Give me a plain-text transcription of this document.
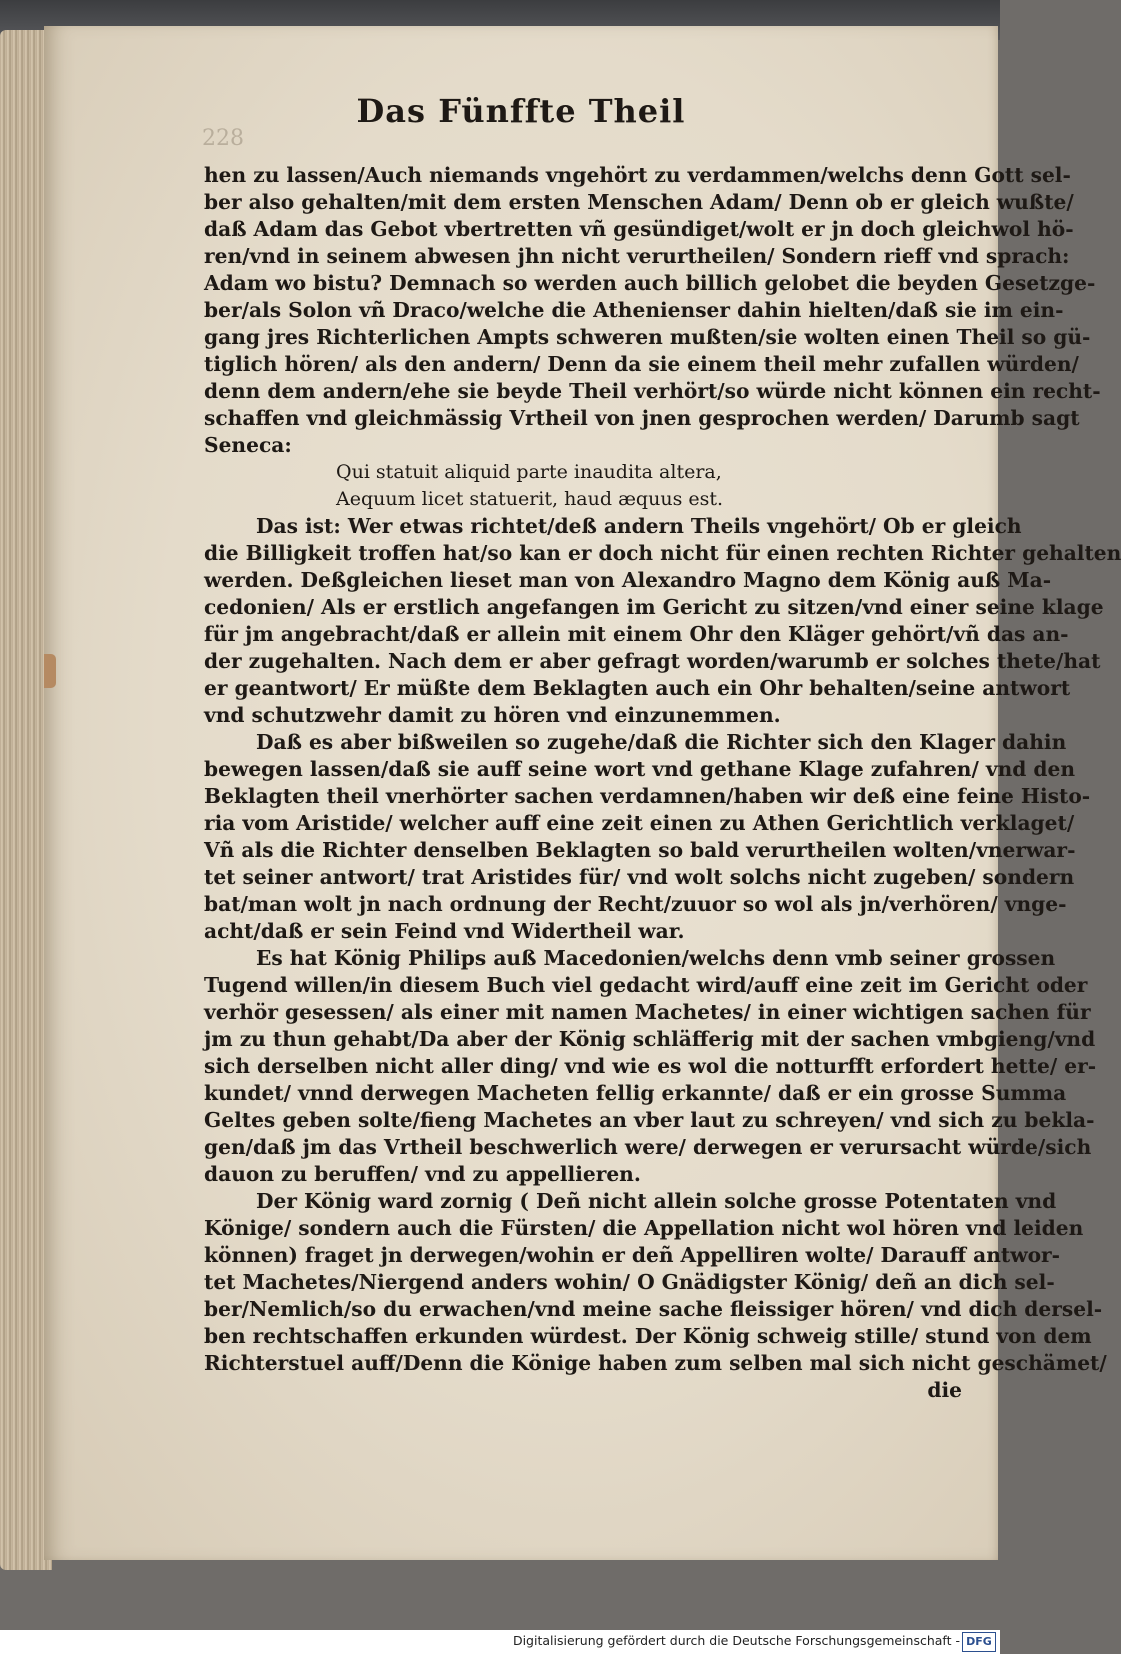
228
Das Fünffte Theil
hen zu lassen/Auch niemands vngehört zu verdammen/welchs denn Gott sel-
ber also gehalten/mit dem ersten Menschen Adam/ Denn ob er gleich wußte/
daß Adam das Gebot vbertretten vñ gesündiget/wolt er jn doch gleichwol hö-
ren/vnd in seinem abwesen jhn nicht verurtheilen/ Sondern rieff vnd sprach:
Adam wo bistu? Demnach so werden auch billich gelobet die beyden Gesetzge-
ber/als Solon vñ Draco/welche die Athenienser dahin hielten/daß sie im ein-
gang jres Richterlichen Ampts schweren mußten/sie wolten einen Theil so gü-
tiglich hören/ als den andern/ Denn da sie einem theil mehr zufallen würden/
denn dem andern/ehe sie beyde Theil verhört/so würde nicht können ein recht-
schaffen vnd gleichmässig Vrtheil von jnen gesprochen werden/ Darumb sagt
Seneca:
Qui statuit aliquid parte inaudita altera,
Aequum licet statuerit, haud æquus est.
Das ist: Wer etwas richtet/deß andern Theils vngehört/ Ob er gleich
die Billigkeit troffen hat/so kan er doch nicht für einen rechten Richter gehalten
werden. Deßgleichen lieset man von Alexandro Magno dem König auß Ma-
cedonien/ Als er erstlich angefangen im Gericht zu sitzen/vnd einer seine klage
für jm angebracht/daß er allein mit einem Ohr den Kläger gehört/vñ das an-
der zugehalten. Nach dem er aber gefragt worden/warumb er solches thete/hat
er geantwort/ Er müßte dem Beklagten auch ein Ohr behalten/seine antwort
vnd schutzwehr damit zu hören vnd einzunemmen.
Daß es aber bißweilen so zugehe/daß die Richter sich den Klager dahin
bewegen lassen/daß sie auff seine wort vnd gethane Klage zufahren/ vnd den
Beklagten theil vnerhörter sachen verdamnen/haben wir deß eine feine Histo-
ria vom Aristide/ welcher auff eine zeit einen zu Athen Gerichtlich verklaget/
Vñ als die Richter denselben Beklagten so bald verurtheilen wolten/vnerwar-
tet seiner antwort/ trat Aristides für/ vnd wolt solchs nicht zugeben/ sondern
bat/man wolt jn nach ordnung der Recht/zuuor so wol als jn/verhören/ vnge-
acht/daß er sein Feind vnd Widertheil war.
Es hat König Philips auß Macedonien/welchs denn vmb seiner grossen
Tugend willen/in diesem Buch viel gedacht wird/auff eine zeit im Gericht oder
verhör gesessen/ als einer mit namen Machetes/ in einer wichtigen sachen für
jm zu thun gehabt/Da aber der König schläfferig mit der sachen vmbgieng/vnd
sich derselben nicht aller ding/ vnd wie es wol die notturfft erfordert hette/ er-
kundet/ vnnd derwegen Macheten fellig erkannte/ daß er ein grosse Summa
Geltes geben solte/fieng Machetes an vber laut zu schreyen/ vnd sich zu bekla-
gen/daß jm das Vrtheil beschwerlich were/ derwegen er verursacht würde/sich
dauon zu beruffen/ vnd zu appellieren.
Der König ward zornig ( Deñ nicht allein solche grosse Potentaten vnd
Könige/ sondern auch die Fürsten/ die Appellation nicht wol hören vnd leiden
können) fraget jn derwegen/wohin er deñ Appelliren wolte/ Darauff antwor-
tet Machetes/Niergend anders wohin/ O Gnädigster König/ deñ an dich sel-
ber/Nemlich/so du erwachen/vnd meine sache fleissiger hören/ vnd dich dersel-
ben rechtschaffen erkunden würdest. Der König schweig stille/ stund von dem
Richterstuel auff/Denn die Könige haben zum selben mal sich nicht geschämet/
die
Digitalisierung gefördert durch die Deutsche Forschungsgemeinschaft - DFG
